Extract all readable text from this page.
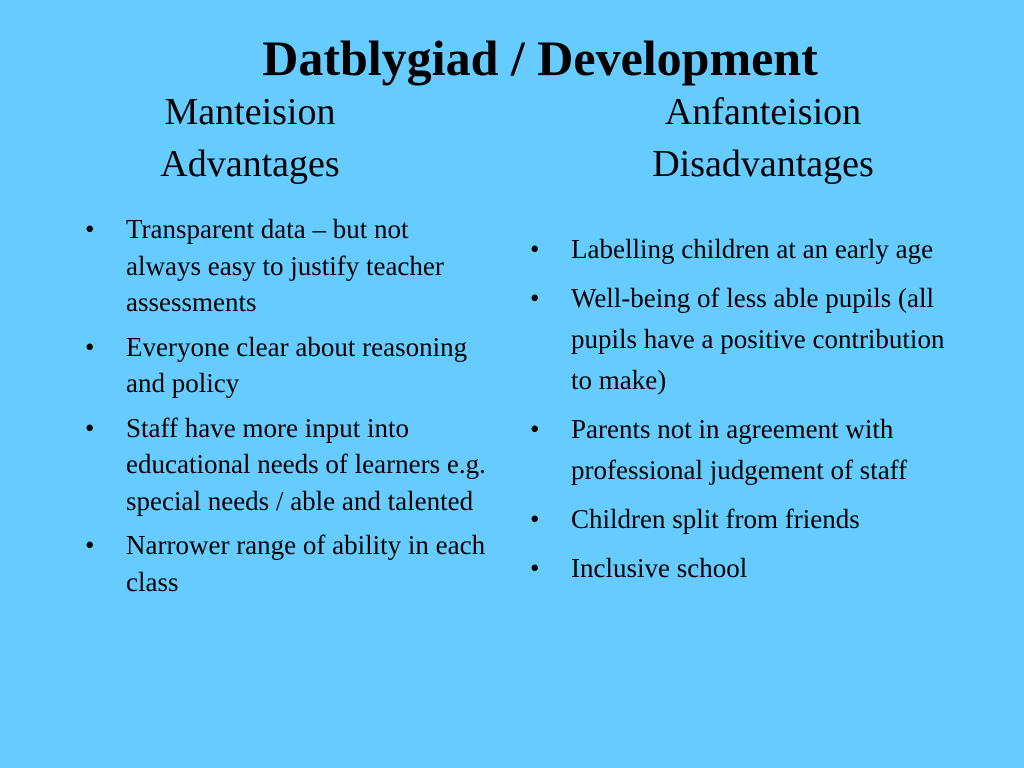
Datblygiad / Development
Manteision
Advantages
Anfanteision
Disadvantages
• Transparent data – but not always easy to justify teacher assessments
• Everyone clear about reasoning and policy
• Staff have more input into educational needs of learners e.g. special needs / able and talented
• Narrower range of ability in each class
• Labelling children at an early age
• Well-being of less able pupils (all pupils have a positive contribution to make)
• Parents not in agreement with professional judgement of staff
• Children split from friends
• Inclusive school
